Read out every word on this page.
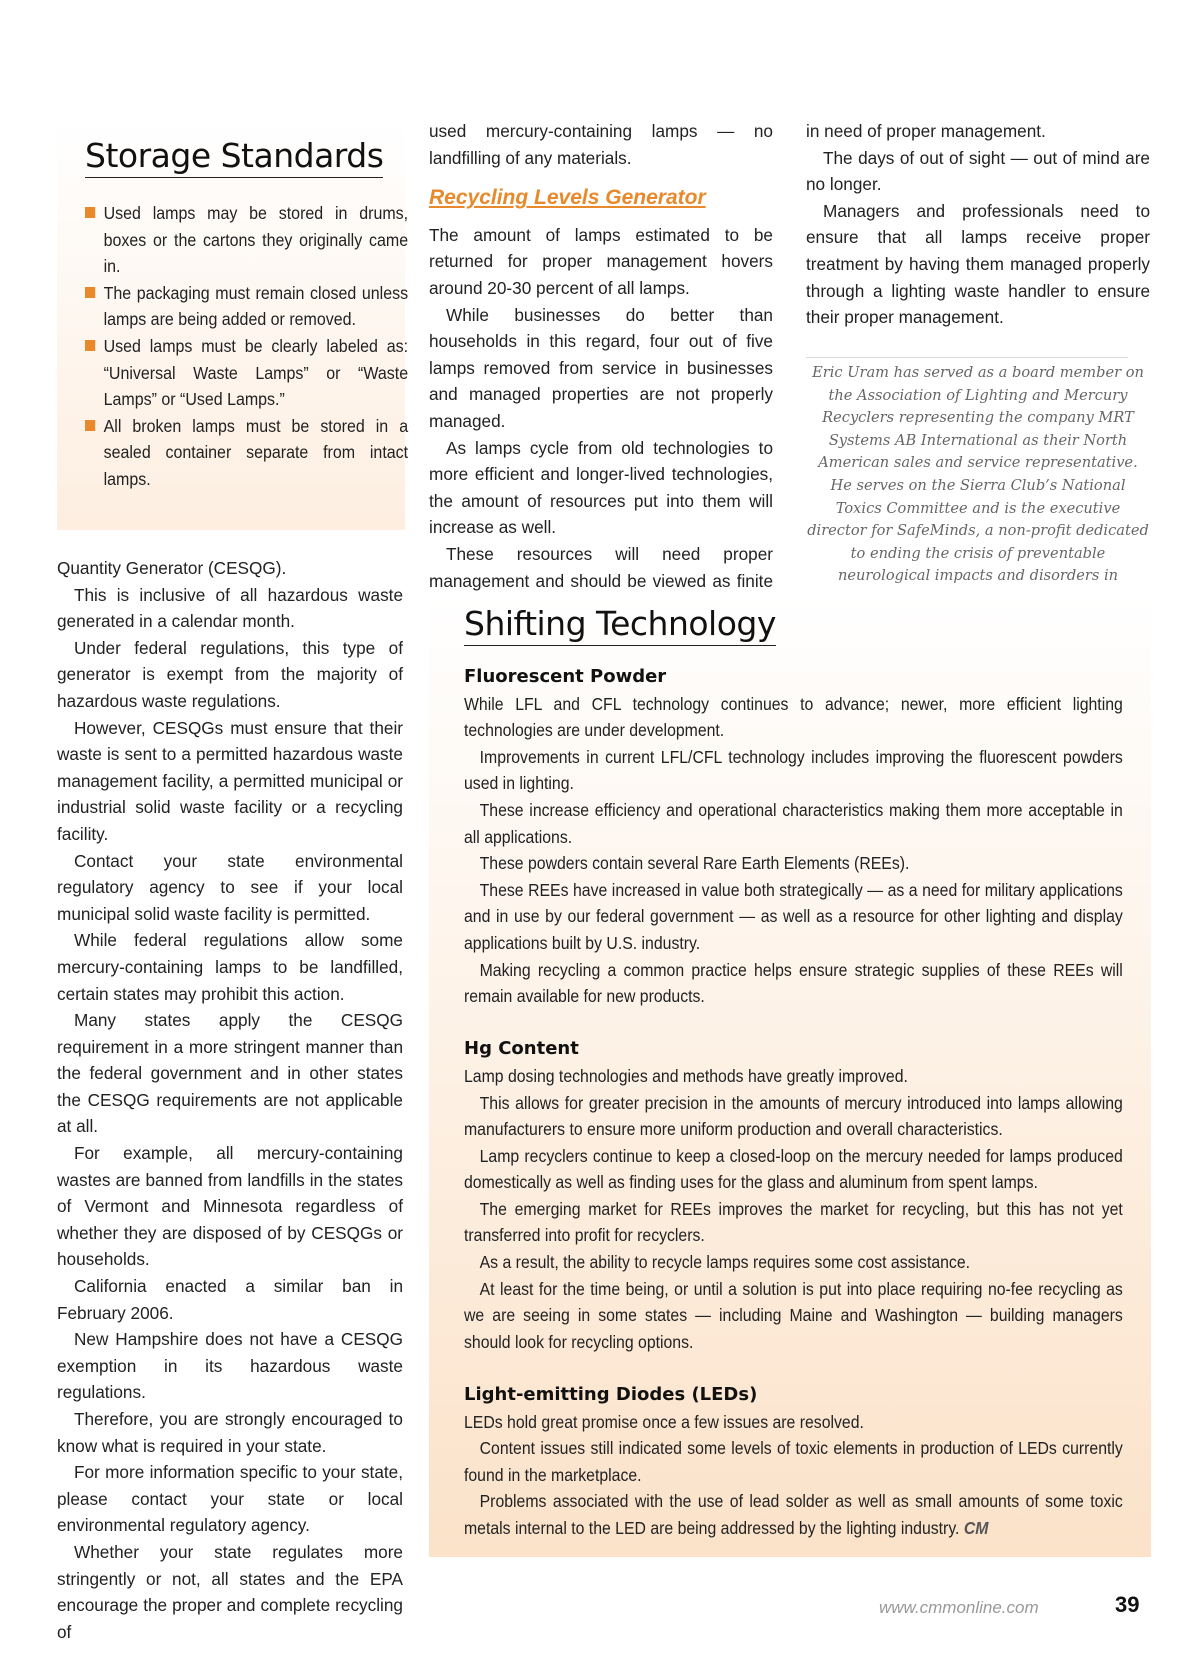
Storage Standards
Used lamps may be stored in drums, boxes or the cartons they originally came in.
The packaging must remain closed unless lamps are being added or removed.
Used lamps must be clearly labeled as: “Universal Waste Lamps” or “Waste Lamps” or “Used Lamps.”
All broken lamps must be stored in a sealed container separate from intact lamps.

Quantity Generator (CESQG).

This is inclusive of all hazardous waste generated in a calendar month.

Under federal regulations, this type of generator is exempt from the majority of hazardous waste regulations.

However, CESQGs must ensure that their waste is sent to a permitted hazardous waste management facility, a permitted municipal or industrial solid waste facility or a recycling facility.

Contact your state environmental regulatory agency to see if your local municipal solid waste facility is permitted.

While federal regulations allow some mercury-containing lamps to be landfilled, certain states may prohibit this action.

Many states apply the CESQG requirement in a more stringent manner than the federal government and in other states the CESQG requirements are not applicable at all.

For example, all mercury-containing wastes are banned from landfills in the states of Vermont and Minnesota regardless of whether they are disposed of by CESQGs or households.

California enacted a similar ban in February 2006.

New Hampshire does not have a CESQG exemption in its hazardous waste regulations.

Therefore, you are strongly encouraged to know what is required in your state.

For more information specific to your state, please contact your state or local environmental regulatory agency.

Whether your state regulates more stringently or not, all states and the EPA encourage the proper and complete recycling of

used mercury-containing lamps — no landfilling of any materials.

Recycling Levels Generator

The amount of lamps estimated to be returned for proper management hovers around 20-30 percent of all lamps.

While businesses do better than households in this regard, four out of five lamps removed from service in businesses and managed properties are not properly managed.

As lamps cycle from old technologies to more efficient and longer-lived technologies, the amount of resources put into them will increase as well.

These resources will need proper management and should be viewed as finite

in need of proper management.

The days of out of sight — out of mind are no longer.

Managers and professionals need to ensure that all lamps receive proper treatment by having them managed properly through a lighting waste handler to ensure their proper management.

Eric Uram has served as a board member on the Association of Lighting and Mercury Recyclers representing the company MRT Systems AB International as their North American sales and service representative. He serves on the Sierra Club’s National Toxics Committee and is the executive director for SafeMinds, a non-profit dedicated to ending the crisis of preventable neurological impacts and disorders in

Shifting Technology
Fluorescent Powder

While LFL and CFL technology continues to advance; newer, more efficient lighting technologies are under development.

Improvements in current LFL/CFL technology includes improving the fluorescent powders used in lighting.

These increase efficiency and operational characteristics making them more acceptable in all applications.

These powders contain several Rare Earth Elements (REEs).

These REEs have increased in value both strategically — as a need for military applications and in use by our federal government — as well as a resource for other lighting and display applications built by U.S. industry.

Making recycling a common practice helps ensure strategic supplies of these REEs will remain available for new products.

Hg Content

Lamp dosing technologies and methods have greatly improved.

This allows for greater precision in the amounts of mercury introduced into lamps allowing manufacturers to ensure more uniform production and overall characteristics.

Lamp recyclers continue to keep a closed-loop on the mercury needed for lamps produced domestically as well as finding uses for the glass and aluminum from spent lamps.

The emerging market for REEs improves the market for recycling, but this has not yet transferred into profit for recyclers.

As a result, the ability to recycle lamps requires some cost assistance.

At least for the time being, or until a solution is put into place requiring no-fee recycling as we are seeing in some states — including Maine and Washington — building managers should look for recycling options.

Light-emitting Diodes (LEDs)

LEDs hold great promise once a few issues are resolved.

Content issues still indicated some levels of toxic elements in production of LEDs currently found in the marketplace.

Problems associated with the use of lead solder as well as small amounts of some toxic metals internal to the LED are being addressed by the lighting industry. CM

www.cmmonline.com	39
